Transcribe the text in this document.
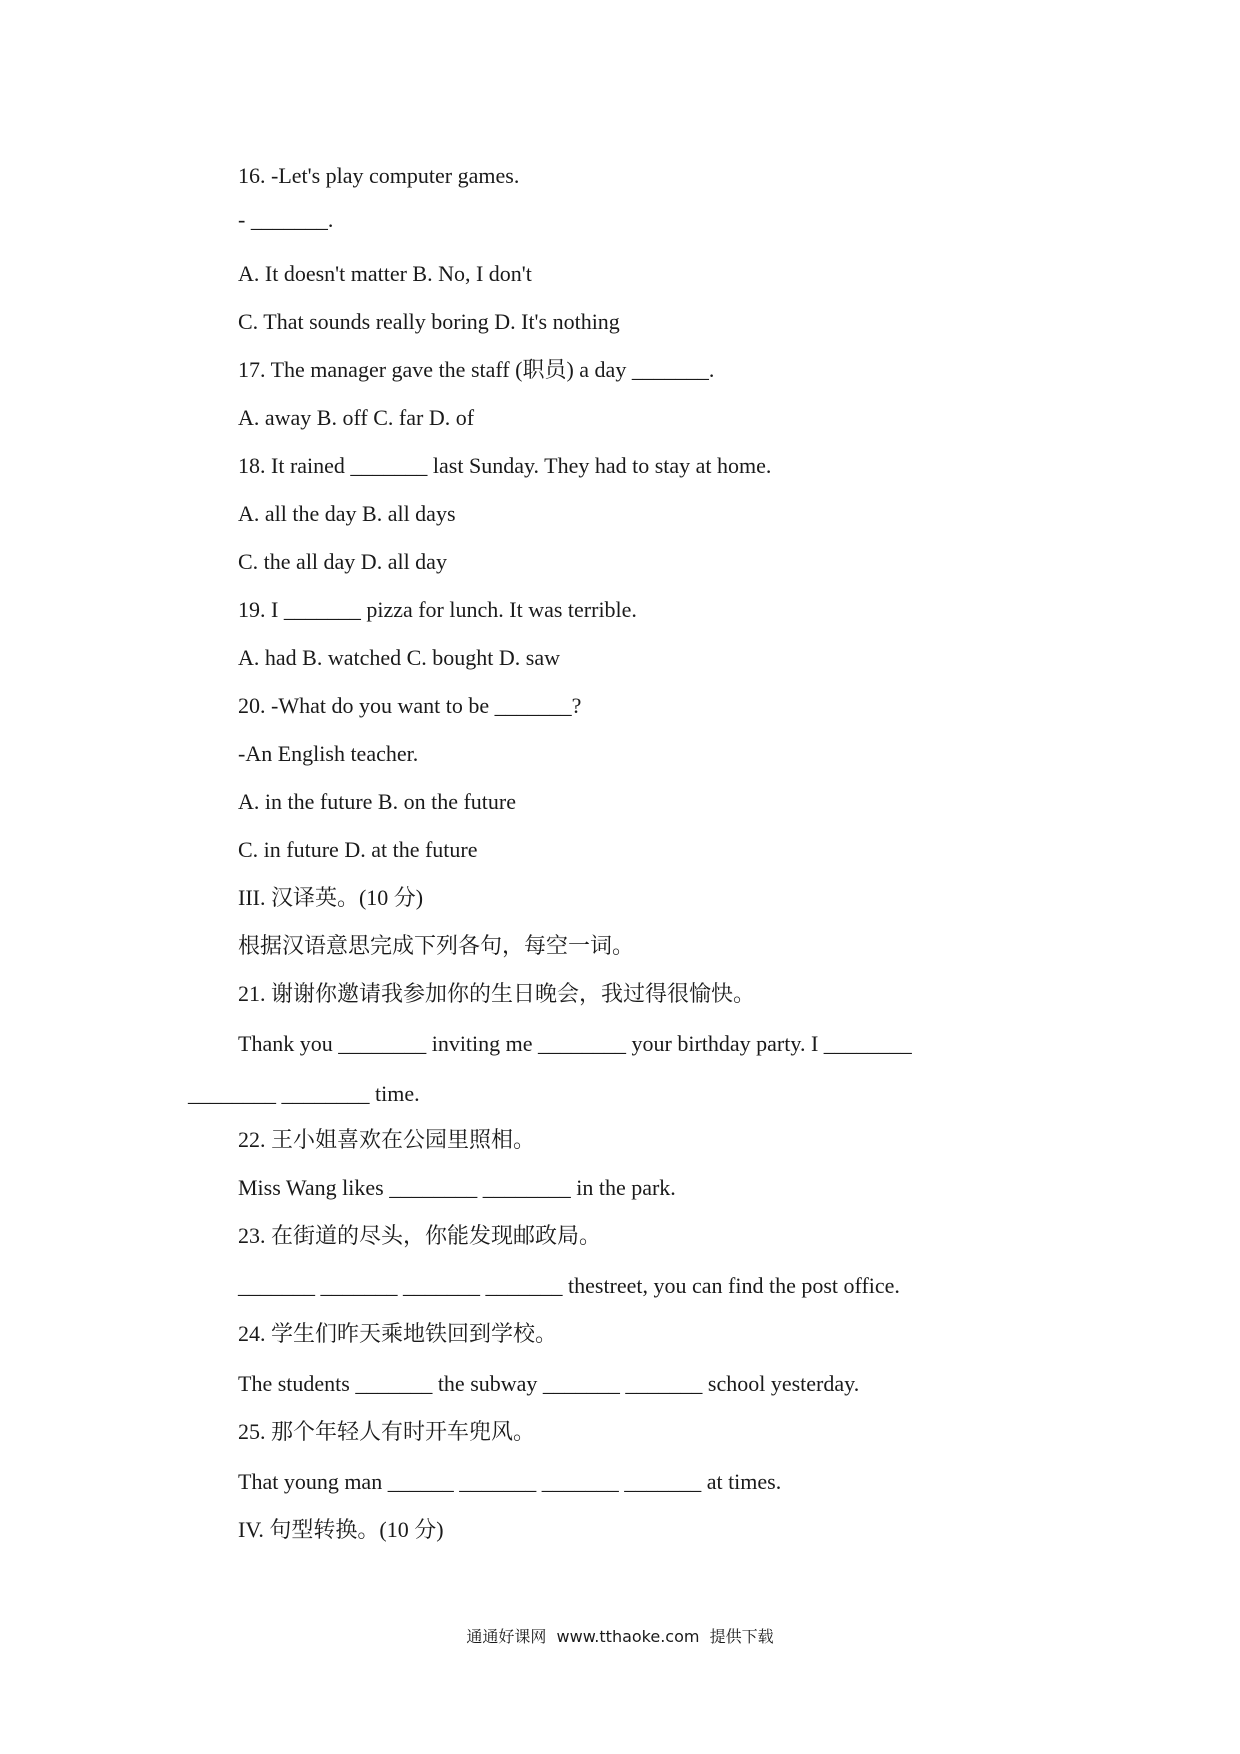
16. -Let's play computer games.
- _______.
A. It doesn't matter B. No, I don't
C. That sounds really boring D. It's nothing
17. The manager gave the staff (职员) a day _______.
A. away B. off C. far D. of
18. It rained _______ last Sunday. They had to stay at home.
A. all the day B. all days
C. the all day D. all day
19. I _______ pizza for lunch. It was terrible.
A. had B. watched C. bought D. saw
20. -What do you want to be _______?
-An English teacher.
A. in the future B. on the future
C. in future D. at the future
III. 汉译英。(10 分)
根据汉语意思完成下列各句，每空一词。
21. 谢谢你邀请我参加你的生日晚会，我过得很愉快。
Thank you ________ inviting me ________ your birthday party. I ________
________ ________ time.
22. 王小姐喜欢在公园里照相。
Miss Wang likes ________ ________ in the park.
23. 在街道的尽头，你能发现邮政局。
_______ _______ _______ _______ thestreet, you can find the post office.
24. 学生们昨天乘地铁回到学校。
The students _______ the subway _______ _______ school yesterday.
25. 那个年轻人有时开车兜风。
That young man ______ _______ _______ _______ at times.
IV. 句型转换。(10 分)
通通好课网  www.tthaoke.com  提供下载
